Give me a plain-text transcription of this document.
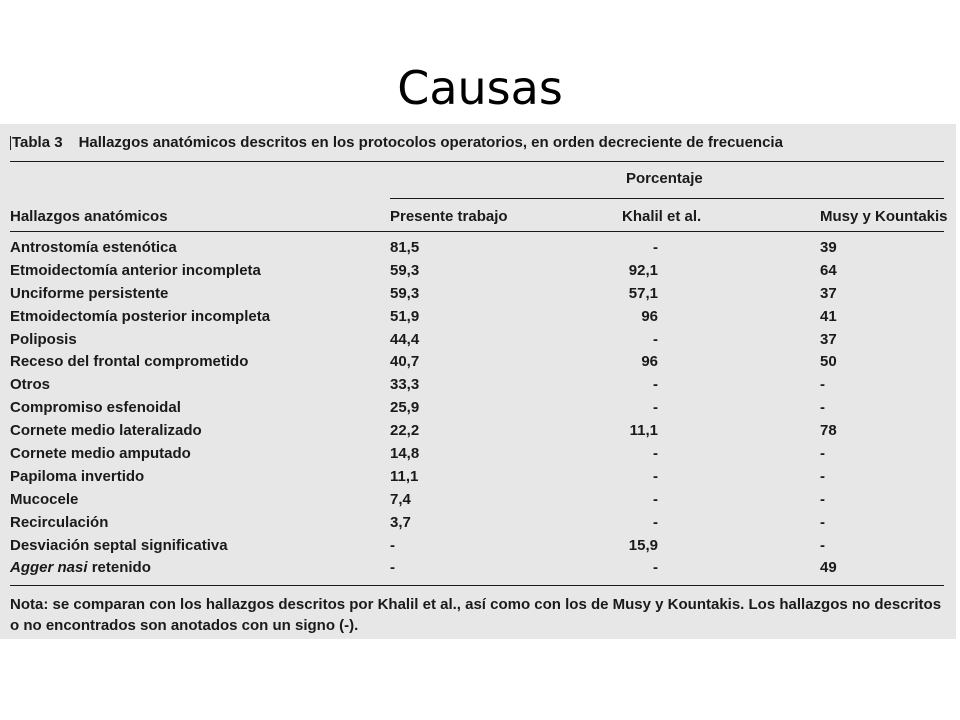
Causas
Tabla 3 Hallazgos anatómicos descritos en los protocolos operatorios, en orden decreciente de frecuencia
Porcentaje
Hallazgos anatómicos	Presente trabajo	Khalil et al.	Musy y Kountakis
Antrostomía estenótica	81,5	-	39
Etmoidectomía anterior incompleta	59,3	92,1	64
Unciforme persistente	59,3	57,1	37
Etmoidectomía posterior incompleta	51,9	96	41
Poliposis	44,4	-	37
Receso del frontal comprometido	40,7	96	50
Otros	33,3	-	-
Compromiso esfenoidal	25,9	-	-
Cornete medio lateralizado	22,2	11,1	78
Cornete medio amputado	14,8	-	-
Papiloma invertido	11,1	-	-
Mucocele	7,4	-	-
Recirculación	3,7	-	-
Desviación septal significativa	-	15,9	-
Agger nasi retenido	-	-	49
Nota: se comparan con los hallazgos descritos por Khalil et al., así como con los de Musy y Kountakis. Los hallazgos no descritos o no encontrados son anotados con un signo (-).
